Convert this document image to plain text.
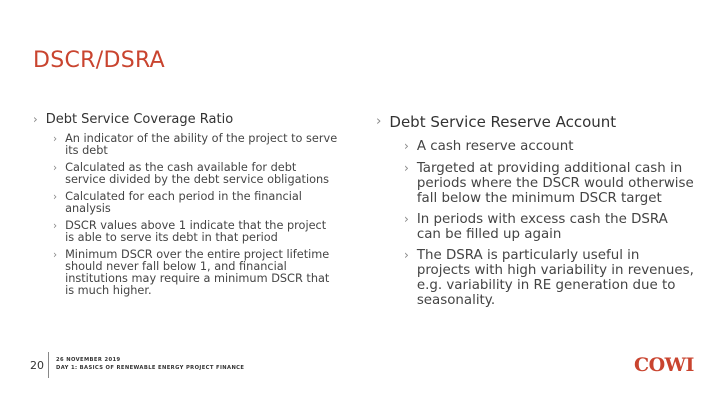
DSCR/DSRA
› Debt Service Coverage Ratio
› An indicator of the ability of the project to serve its debt
› Calculated as the cash available for debt service divided by the debt service obligations
› Calculated for each period in the financial analysis
› DSCR values above 1 indicate that the project is able to serve its debt in that period
› Minimum DSCR over the entire project lifetime should never fall below 1, and financial institutions may require a minimum DSCR that is much higher.
› Debt Service Reserve Account
› A cash reserve account
› Targeted at providing additional cash in periods where the DSCR would otherwise fall below the minimum DSCR target
› In periods with excess cash the DSRA can be filled up again
› The DSRA is particularly useful in projects with high variability in revenues, e.g. variability in RE generation due to seasonality.
20 26 NOVEMBER 2019
DAY 1: BASICS OF RENEWABLE ENERGY PROJECT FINANCE	COWI
